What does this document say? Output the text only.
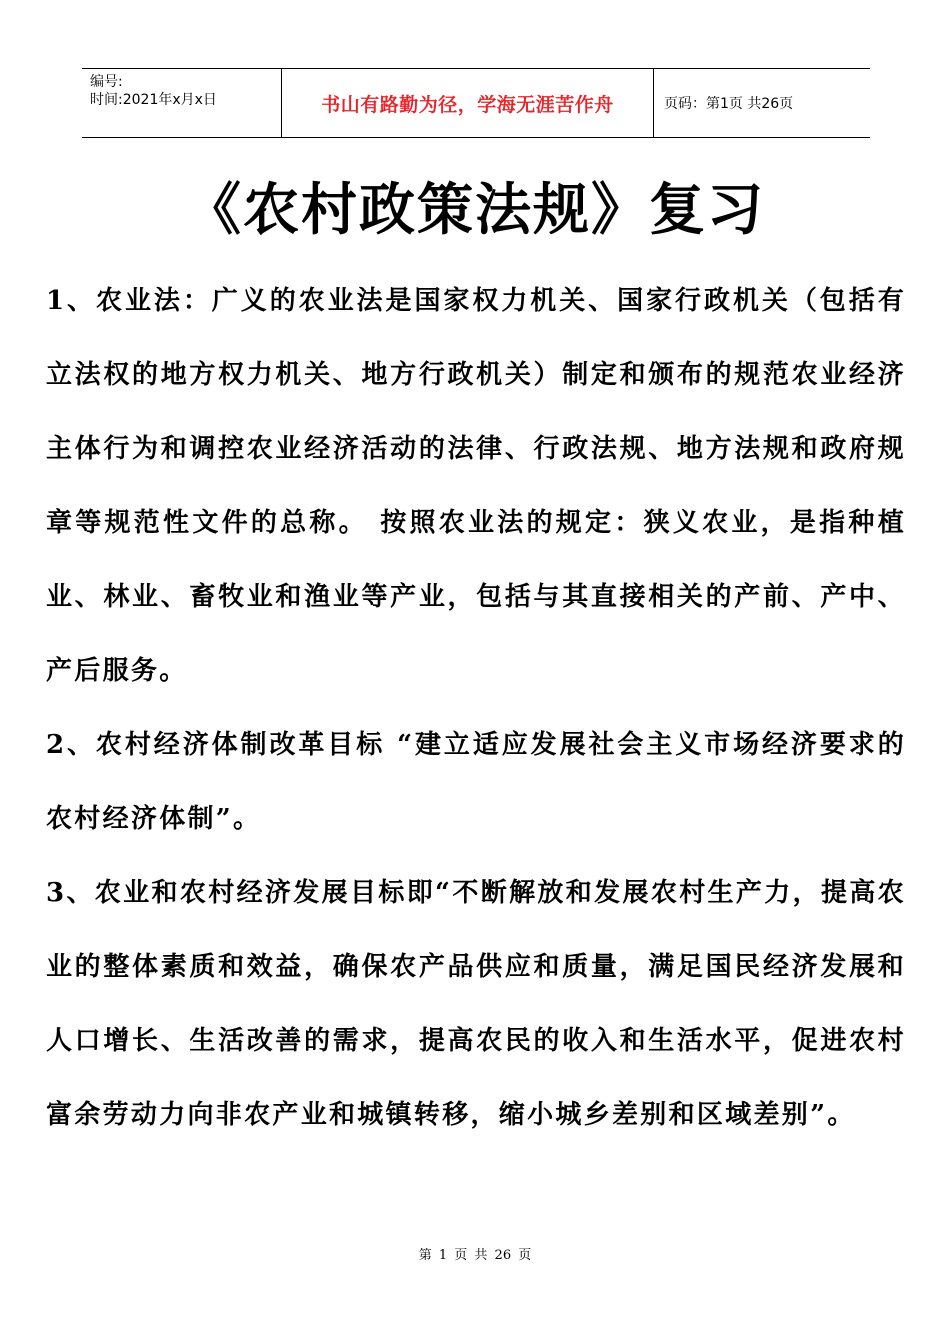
编号:
时间:2021年x月x日	书山有路勤为径，学海无涯苦作舟	页码：第1页 共26页
《农村政策法规》复习

1、农业法：广义的农业法是国家权力机关、国家行政机关（包括有立法权的地方权力机关、地方行政机关）制定和颁布的规范农业经济主体行为和调控农业经济活动的法律、行政法规、地方法规和政府规章等规范性文件的总称。 按照农业法的规定：狭义农业，是指种植业、林业、畜牧业和渔业等产业，包括与其直接相关的产前、产中、产后服务。

2、农村经济体制改革目标 “建立适应发展社会主义市场经济要求的农村经济体制”。

3、农业和农村经济发展目标即“不断解放和发展农村生产力，提高农业的整体素质和效益，确保农产品供应和质量，满足国民经济发展和人口增长、生活改善的需求，提高农民的收入和生活水平，促进农村富余劳动力向非农产业和城镇转移，缩小城乡差别和区域差别”。

第 1 页 共 26 页
